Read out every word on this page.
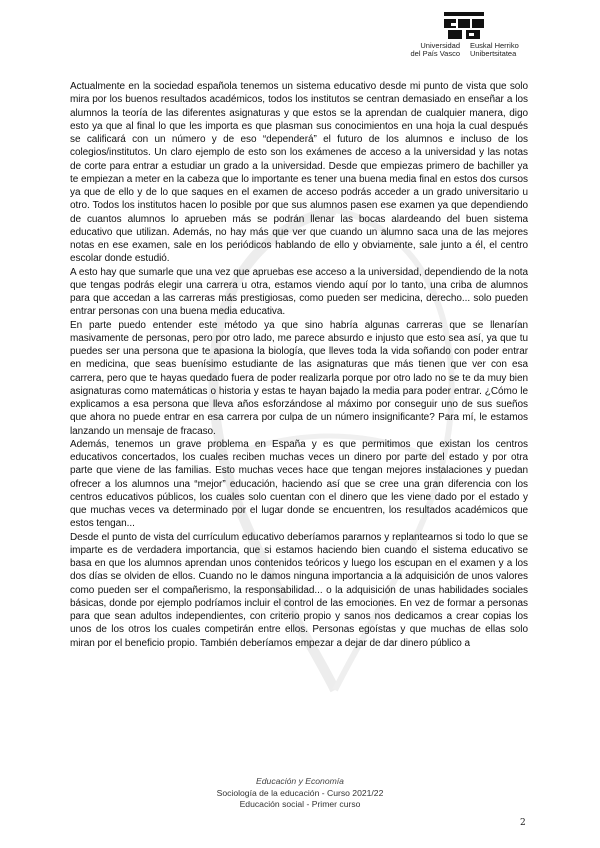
Universidad
del País Vasco
Euskal Herriko
Unibertsitatea

Actualmente en la sociedad española tenemos un sistema educativo desde mi punto de vista que solo mira por los buenos resultados académicos, todos los institutos se centran demasiado en enseñar a los alumnos la teoría de las diferentes asignaturas y que estos se la aprendan de cualquier manera, digo esto ya que al final lo que les importa es que plasman sus conocimientos en una hoja la cual después se calificará con un número y de eso “dependerá” el futuro de los alumnos e incluso de los colegios/institutos. Un claro ejemplo de esto son los exámenes de acceso a la universidad y las notas de corte para entrar a estudiar un grado a la universidad. Desde que empiezas primero de bachiller ya te empiezan a meter en la cabeza que lo importante es tener una buena media final en estos dos cursos ya que de ello y de lo que saques en el examen de acceso podrás acceder a un grado universitario u otro. Todos los institutos hacen lo posible por que sus alumnos pasen ese examen ya que dependiendo de cuantos alumnos lo aprueben más se podrán llenar las bocas alardeando del buen sistema educativo que utilizan. Además, no hay más que ver que cuando un alumno saca una de las mejores notas en ese examen, sale en los periódicos hablando de ello y obviamente, sale junto a él, el centro escolar donde estudió.

A esto hay que sumarle que una vez que apruebas ese acceso a la universidad, dependiendo de la nota que tengas podrás elegir una carrera u otra, estamos viendo aquí por lo tanto, una criba de alumnos para que accedan a las carreras más prestigiosas, como pueden ser medicina, derecho... solo pueden entrar personas con una buena media educativa.

En parte puedo entender este método ya que sino habría algunas carreras que se llenarían masivamente de personas, pero por otro lado, me parece absurdo e injusto que esto sea así, ya que tu puedes ser una persona que te apasiona la biología, que lleves toda la vida soñando con poder entrar en medicina, que seas buenísimo estudiante de las asignaturas que más tienen que ver con esa carrera, pero que te hayas quedado fuera de poder realizarla porque por otro lado no se te da muy bien asignaturas como matemáticas o historia y estas te hayan bajado la media para poder entrar. ¿Cómo le explicamos a esa persona que lleva años esforzándose al máximo por conseguir uno de sus sueños que ahora no puede entrar en esa carrera por culpa de un número insignificante? Para mí, le estamos lanzando un mensaje de fracaso.

Además, tenemos un grave problema en España y es que permitimos que existan los centros educativos concertados, los cuales reciben muchas veces un dinero por parte del estado y por otra parte que viene de las familias. Esto muchas veces hace que tengan mejores instalaciones y puedan ofrecer a los alumnos una “mejor” educación, haciendo así que se cree una gran diferencia con los centros educativos públicos, los cuales solo cuentan con el dinero que les viene dado por el estado y que muchas veces va determinado por el lugar donde se encuentren, los resultados académicos que estos tengan...

Desde el punto de vista del currículum educativo deberíamos pararnos y replantearnos si todo lo que se imparte es de verdadera importancia, que si estamos haciendo bien cuando el sistema educativo se basa en que los alumnos aprendan unos contenidos teóricos y luego los escupan en el examen y a los dos días se olviden de ellos. Cuando no le damos ninguna importancia a la adquisición de unos valores como pueden ser el compañerismo, la responsabilidad... o la adquisición de unas habilidades sociales básicas, donde por ejemplo podríamos incluir el control de las emociones. En vez de formar a personas para que sean adultos independientes, con criterio propio y sanos nos dedicamos a crear copias los unos de los otros los cuales competirán entre ellos. Personas egoístas y que muchas de ellas solo miran por el beneficio propio. También deberíamos empezar a dejar de dar dinero público a

Educación y Economía
Sociología de la educación - Curso 2021/22
Educación social - Primer curso
2
